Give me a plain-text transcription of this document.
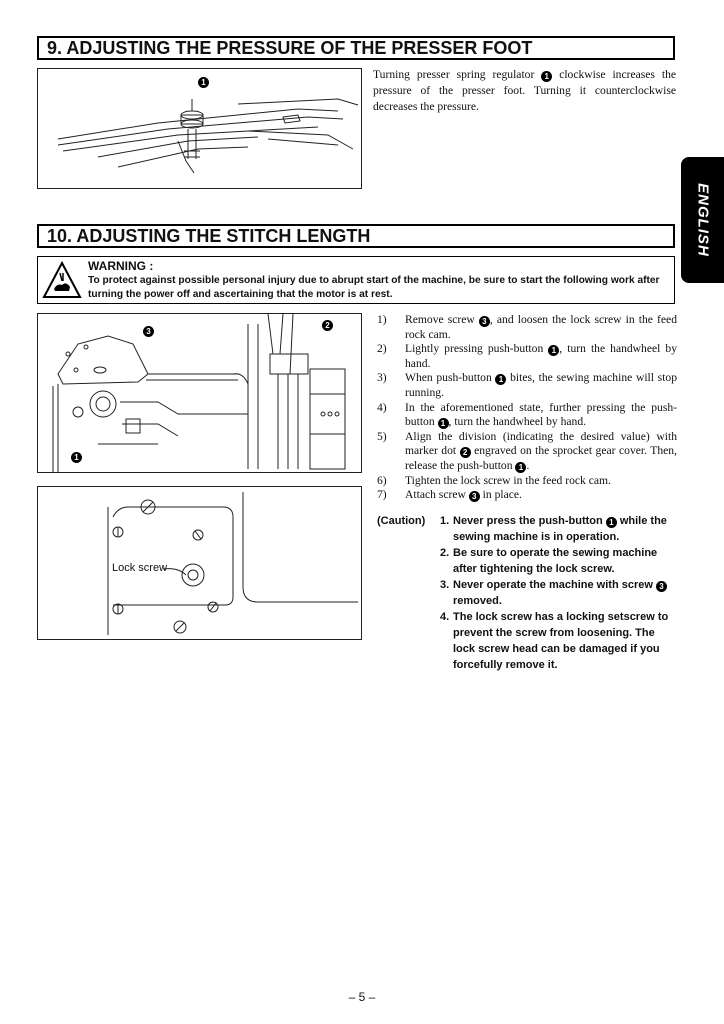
9. ADJUSTING THE PRESSURE OF THE PRESSER FOOT
1
Turning presser spring regulator 1 clockwise increases the pressure of the presser foot. Turning it counterclockwise decreases the pressure.
ENGLISH
10. ADJUSTING THE STITCH LENGTH
WARNING :
To protect against possible personal injury due to abrupt start of the machine, be sure to start the following work after turning the power off and ascertaining that the motor is at rest.
3
1
2
Lock screw
1) Remove screw 3 , and loosen the lock screw in the feed rock cam.
2) Lightly pressing push-button 1 , turn the handwheel by hand.
3) When push-button 1 bites, the sewing machine will stop running.
4) In the aforementioned state, further pressing the push-button 1 , turn the handwheel by hand.
5) Align the division (indicating the desired value) with marker dot 2 engraved on the sprocket gear cover. Then, release the push-button 1 .
6) Tighten the lock screw in the feed rock cam.
7) Attach screw 3 in place.
(Caution) 1. Never press the push-button 1 while the sewing machine is in operation.
2. Be sure to operate the sewing machine after tightening the lock screw.
3. Never operate the machine with screw 3 removed.
4. The lock screw has a locking setscrew to prevent the screw from loosening. The lock screw head can be damaged if you forcefully remove it.
– 5 –
